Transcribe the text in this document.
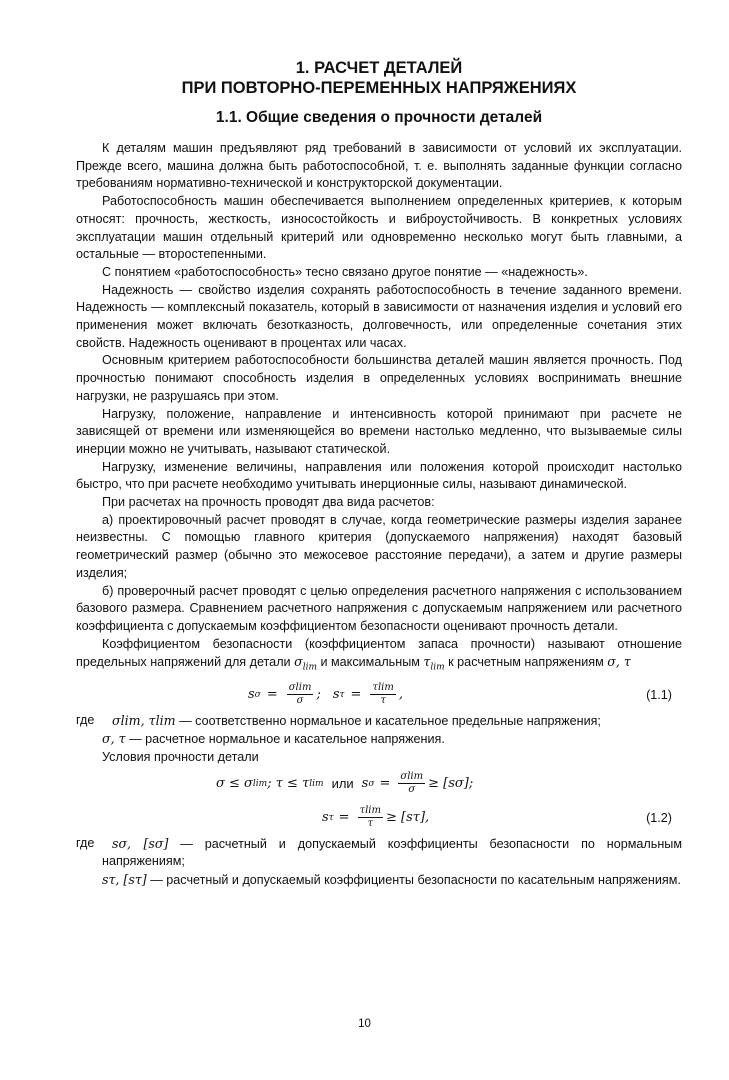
1. РАСЧЕТ ДЕТАЛЕЙ
ПРИ ПОВТОРНО-ПЕРЕМЕННЫХ НАПРЯЖЕНИЯХ
1.1. Общие сведения о прочности деталей

К деталям машин предъявляют ряд требований в зависимости от условий их эксплуатации. Прежде всего, машина должна быть работоспособной, т. е. выполнять заданные функции согласно требованиям нормативно-технической и конструкторской документации.

Работоспособность машин обеспечивается выполнением определенных критериев, к которым относят: прочность, жесткость, износостойкость и виброустойчивость. В конкретных условиях эксплуатации машин отдельный критерий или одновременно несколько могут быть главными, а остальные — второстепенными.

С понятием «работоспособность» тесно связано другое понятие — «надежность».

Надежность — свойство изделия сохранять работоспособность в течение заданного времени. Надежность — комплексный показатель, который в зависимости от назначения изделия и условий его применения может включать безотказность, долговечность, или определенные сочетания этих свойств. Надежность оценивают в процентах или часах.

Основным критерием работоспособности большинства деталей машин является прочность. Под прочностью понимают способность изделия в определенных условиях воспринимать внешние нагрузки, не разрушаясь при этом.

Нагрузку, положение, направление и интенсивность которой принимают при расчете не зависящей от времени или изменяющейся во времени настолько медленно, что вызываемые силы инерции можно не учитывать, называют статической.

Нагрузку, изменение величины, направления или положения которой происходит настолько быстро, что при расчете необходимо учитывать инерционные силы, называют динамической.

При расчетах на прочность проводят два вида расчетов:

а) проектировочный расчет проводят в случае, когда геометрические размеры изделия заранее неизвестны. С помощью главного критерия (допускаемого напряжения) находят базовый геометрический размер (обычно это межосевое расстояние передачи), а затем и другие размеры изделия;

б) проверочный расчет проводят с целью определения расчетного напряжения с использованием базового размера. Сравнением расчетного напряжения с допускаемым напряжением или расчетного коэффициента с допускаемым коэффициентом безопасности оценивают прочность детали.

Коэффициентом безопасности (коэффициентом запаса прочности) называют отношение предельных напряжений для детали $\sigma_{lim}$ и максимальным $\tau_{lim}$ к расчетным напряжениям σ, τ

s $\sigma = \frac{\sigma\lim}{\sigma}$ ; s $\tau = \frac{\tau\lim}{\tau}$ ,	(1.1)
где	σlim, τlim — соответственно нормальное и касательное предельные напряжения;
σ, τ — расчетное нормальное и касательное напряжения.

Условия прочности детали

σ ≤ σ lim ; τ ≤ τ lim или s $\sigma = \frac{\sigma\lim}{\sigma} \ge [s\sigma]$;
s $\tau = \frac{\tau\lim}{\tau} \ge [s\tau]$,	(1.2)
где	sσ, [sσ] — расчетный и допускаемый коэффициенты безопасности по нормальным напряжениям;

sτ, [sτ] — расчетный и допускаемый коэффициенты безопасности по касательным напряжениям.

10
